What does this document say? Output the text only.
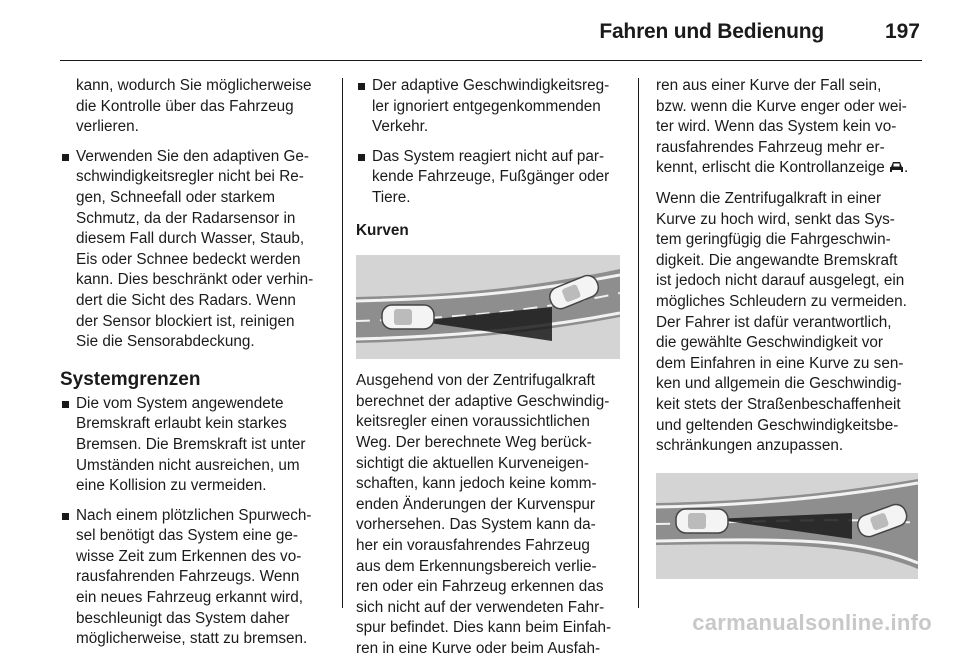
Fahren und Bedienung	197

kann, wodurch Sie möglicherweise
die Kontrolle über das Fahrzeug
verlieren.

Verwenden Sie den adaptiven Ge-
schwindigkeitsregler nicht bei Re-
gen, Schneefall oder starkem
Schmutz, da der Radarsensor in
diesem Fall durch Wasser, Staub,
Eis oder Schnee bedeckt werden
kann. Dies beschränkt oder verhin-
dert die Sicht des Radars. Wenn
der Sensor blockiert ist, reinigen
Sie die Sensorabdeckung.

Systemgrenzen

Die vom System angewendete
Bremskraft erlaubt kein starkes
Bremsen. Die Bremskraft ist unter
Umständen nicht ausreichen, um
eine Kollision zu vermeiden.

Nach einem plötzlichen Spurwech-
sel benötigt das System eine ge-
wisse Zeit zum Erkennen des vo-
rausfahrenden Fahrzeugs. Wenn
ein neues Fahrzeug erkannt wird,
beschleunigt das System daher
möglicherweise, statt zu bremsen.

Der adaptive Geschwindigkeitsreg-
ler ignoriert entgegenkommenden
Verkehr.

Das System reagiert nicht auf par-
kende Fahrzeuge, Fußgänger oder
Tiere.

Kurven

Ausgehend von der Zentrifugalkraft
berechnet der adaptive Geschwindig-
keitsregler einen voraussichtlichen
Weg. Der berechnete Weg berück-
sichtigt die aktuellen Kurveneigen-
schaften, kann jedoch keine komm-
enden Änderungen der Kurvenspur
vorhersehen. Das System kann da-
her ein vorausfahrendes Fahrzeug
aus dem Erkennungsbereich verlie-
ren oder ein Fahrzeug erkennen das
sich nicht auf der verwendeten Fahr-
spur befindet. Dies kann beim Einfah-
ren in eine Kurve oder beim Ausfah-

ren aus einer Kurve der Fall sein,
bzw. wenn die Kurve enger oder wei-
ter wird. Wenn das System kein vo-
rausfahrendes Fahrzeug mehr er-
kennt, erlischt die Kontrollanzeige .

Wenn die Zentrifugalkraft in einer
Kurve zu hoch wird, senkt das Sys-
tem geringfügig die Fahrgeschwin-
digkeit. Die angewandte Bremskraft
ist jedoch nicht darauf ausgelegt, ein
mögliches Schleudern zu vermeiden.
Der Fahrer ist dafür verantwortlich,
die gewählte Geschwindigkeit vor
dem Einfahren in eine Kurve zu sen-
ken und allgemein die Geschwindig-
keit stets der Straßenbeschaffenheit
und geltenden Geschwindigkeitsbe-
schränkungen anzupassen.

carmanualsonline.info
